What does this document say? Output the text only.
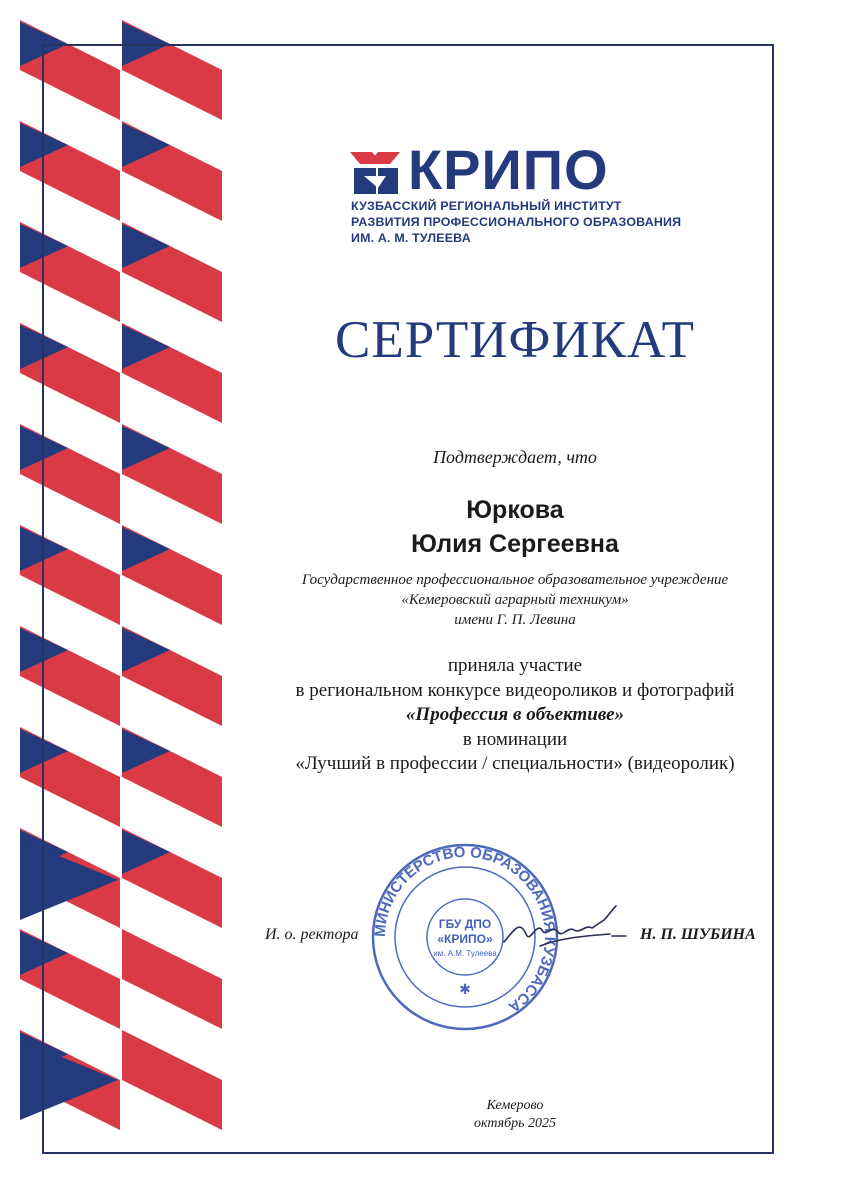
КРИПО
КУЗБАССКИЙ РЕГИОНАЛЬНЫЙ ИНСТИТУТ
РАЗВИТИЯ ПРОФЕССИОНАЛЬНОГО ОБРАЗОВАНИЯ
ИМ. А. М. ТУЛЕЕВА
СЕРТИФИКАТ
Подтверждает, что
Юркова
Юлия Сергеевна
Государственное профессиональное образовательное учреждение
«Кемеровский аграрный техникум»
имени Г. П. Левина
приняла участие
в региональном конкурсе видеороликов и фотографий
«Профессия в объективе»
в номинации
«Лучший в профессии / специальности» (видеоролик)
И. о. ректора	Н. П. ШУБИНА
МИНИСТЕРСТВО ОБРАЗОВАНИЯ КУЗБАССА
ГБУ ДПО
«КРИПО»
им. А.М. Тулеева
✱
Кемерово
октябрь 2025
